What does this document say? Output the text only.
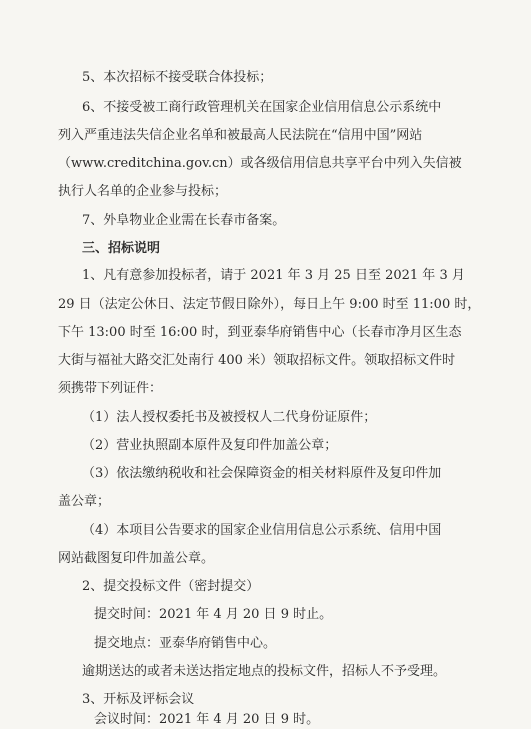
5、本次招标不接受联合体投标；
6、不接受被工商行政管理机关在国家企业信用信息公示系统中
列入严重违法失信企业名单和被最高人民法院在“信用中国”网站
（www.creditchina.gov.cn）或各级信用信息共享平台中列入失信被
执行人名单的企业参与投标；
7、外阜物业企业需在长春市备案。
三、招标说明
1、凡有意参加投标者，请于 2021 年 3 月 25 日至 2021 年 3 月
29 日（法定公休日、法定节假日除外），每日上午 9:00 时至 11:00 时，
下午 13:00 时至 16:00 时，到亚泰华府销售中心（长春市净月区生态
大街与福祉大路交汇处南行 400 米）领取招标文件。领取招标文件时
须携带下列证件：
（1）法人授权委托书及被授权人二代身份证原件；
（2）营业执照副本原件及复印件加盖公章；
（3）依法缴纳税收和社会保障资金的相关材料原件及复印件加
盖公章；
（4）本项目公告要求的国家企业信用信息公示系统、信用中国
网站截图复印件加盖公章。
2、提交投标文件（密封提交）
提交时间：2021 年 4 月 20 日 9 时止。
提交地点：亚泰华府销售中心。
逾期送达的或者未送达指定地点的投标文件，招标人不予受理。
3、开标及评标会议
会议时间：2021 年 4 月 20 日 9 时。
